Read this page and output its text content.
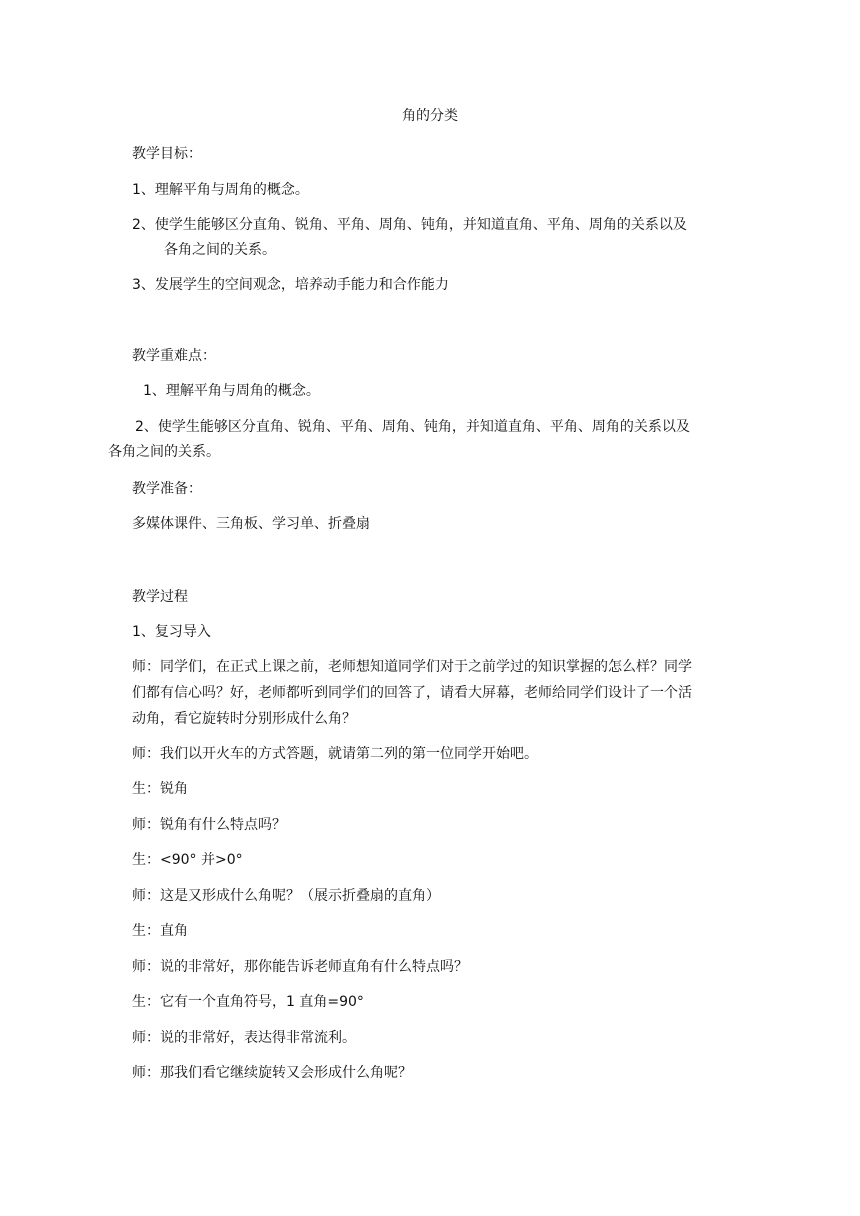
角的分类
教学目标：
1、理解平角与周角的概念。
2、使学生能够区分直角、锐角、平角、周角、钝角，并知道直角、平角、周角的关系以及
各角之间的关系。
3、发展学生的空间观念，培养动手能力和合作能力
教学重难点：
1、理解平角与周角的概念。
2、使学生能够区分直角、锐角、平角、周角、钝角，并知道直角、平角、周角的关系以及
各角之间的关系。
教学准备：
多媒体课件、三角板、学习单、折叠扇
教学过程
1、复习导入
师：同学们，在正式上课之前，老师想知道同学们对于之前学过的知识掌握的怎么样？同学
们都有信心吗？好，老师都听到同学们的回答了，请看大屏幕，老师给同学们设计了一个活
动角，看它旋转时分别形成什么角？
师：我们以开火车的方式答题，就请第二列的第一位同学开始吧。
生：锐角
师：锐角有什么特点吗？
生：<90° 并>0°
师：这是又形成什么角呢？（展示折叠扇的直角）
生：直角
师：说的非常好，那你能告诉老师直角有什么特点吗？
生：它有一个直角符号，1 直角=90°
师：说的非常好，表达得非常流利。
师：那我们看它继续旋转又会形成什么角呢？
